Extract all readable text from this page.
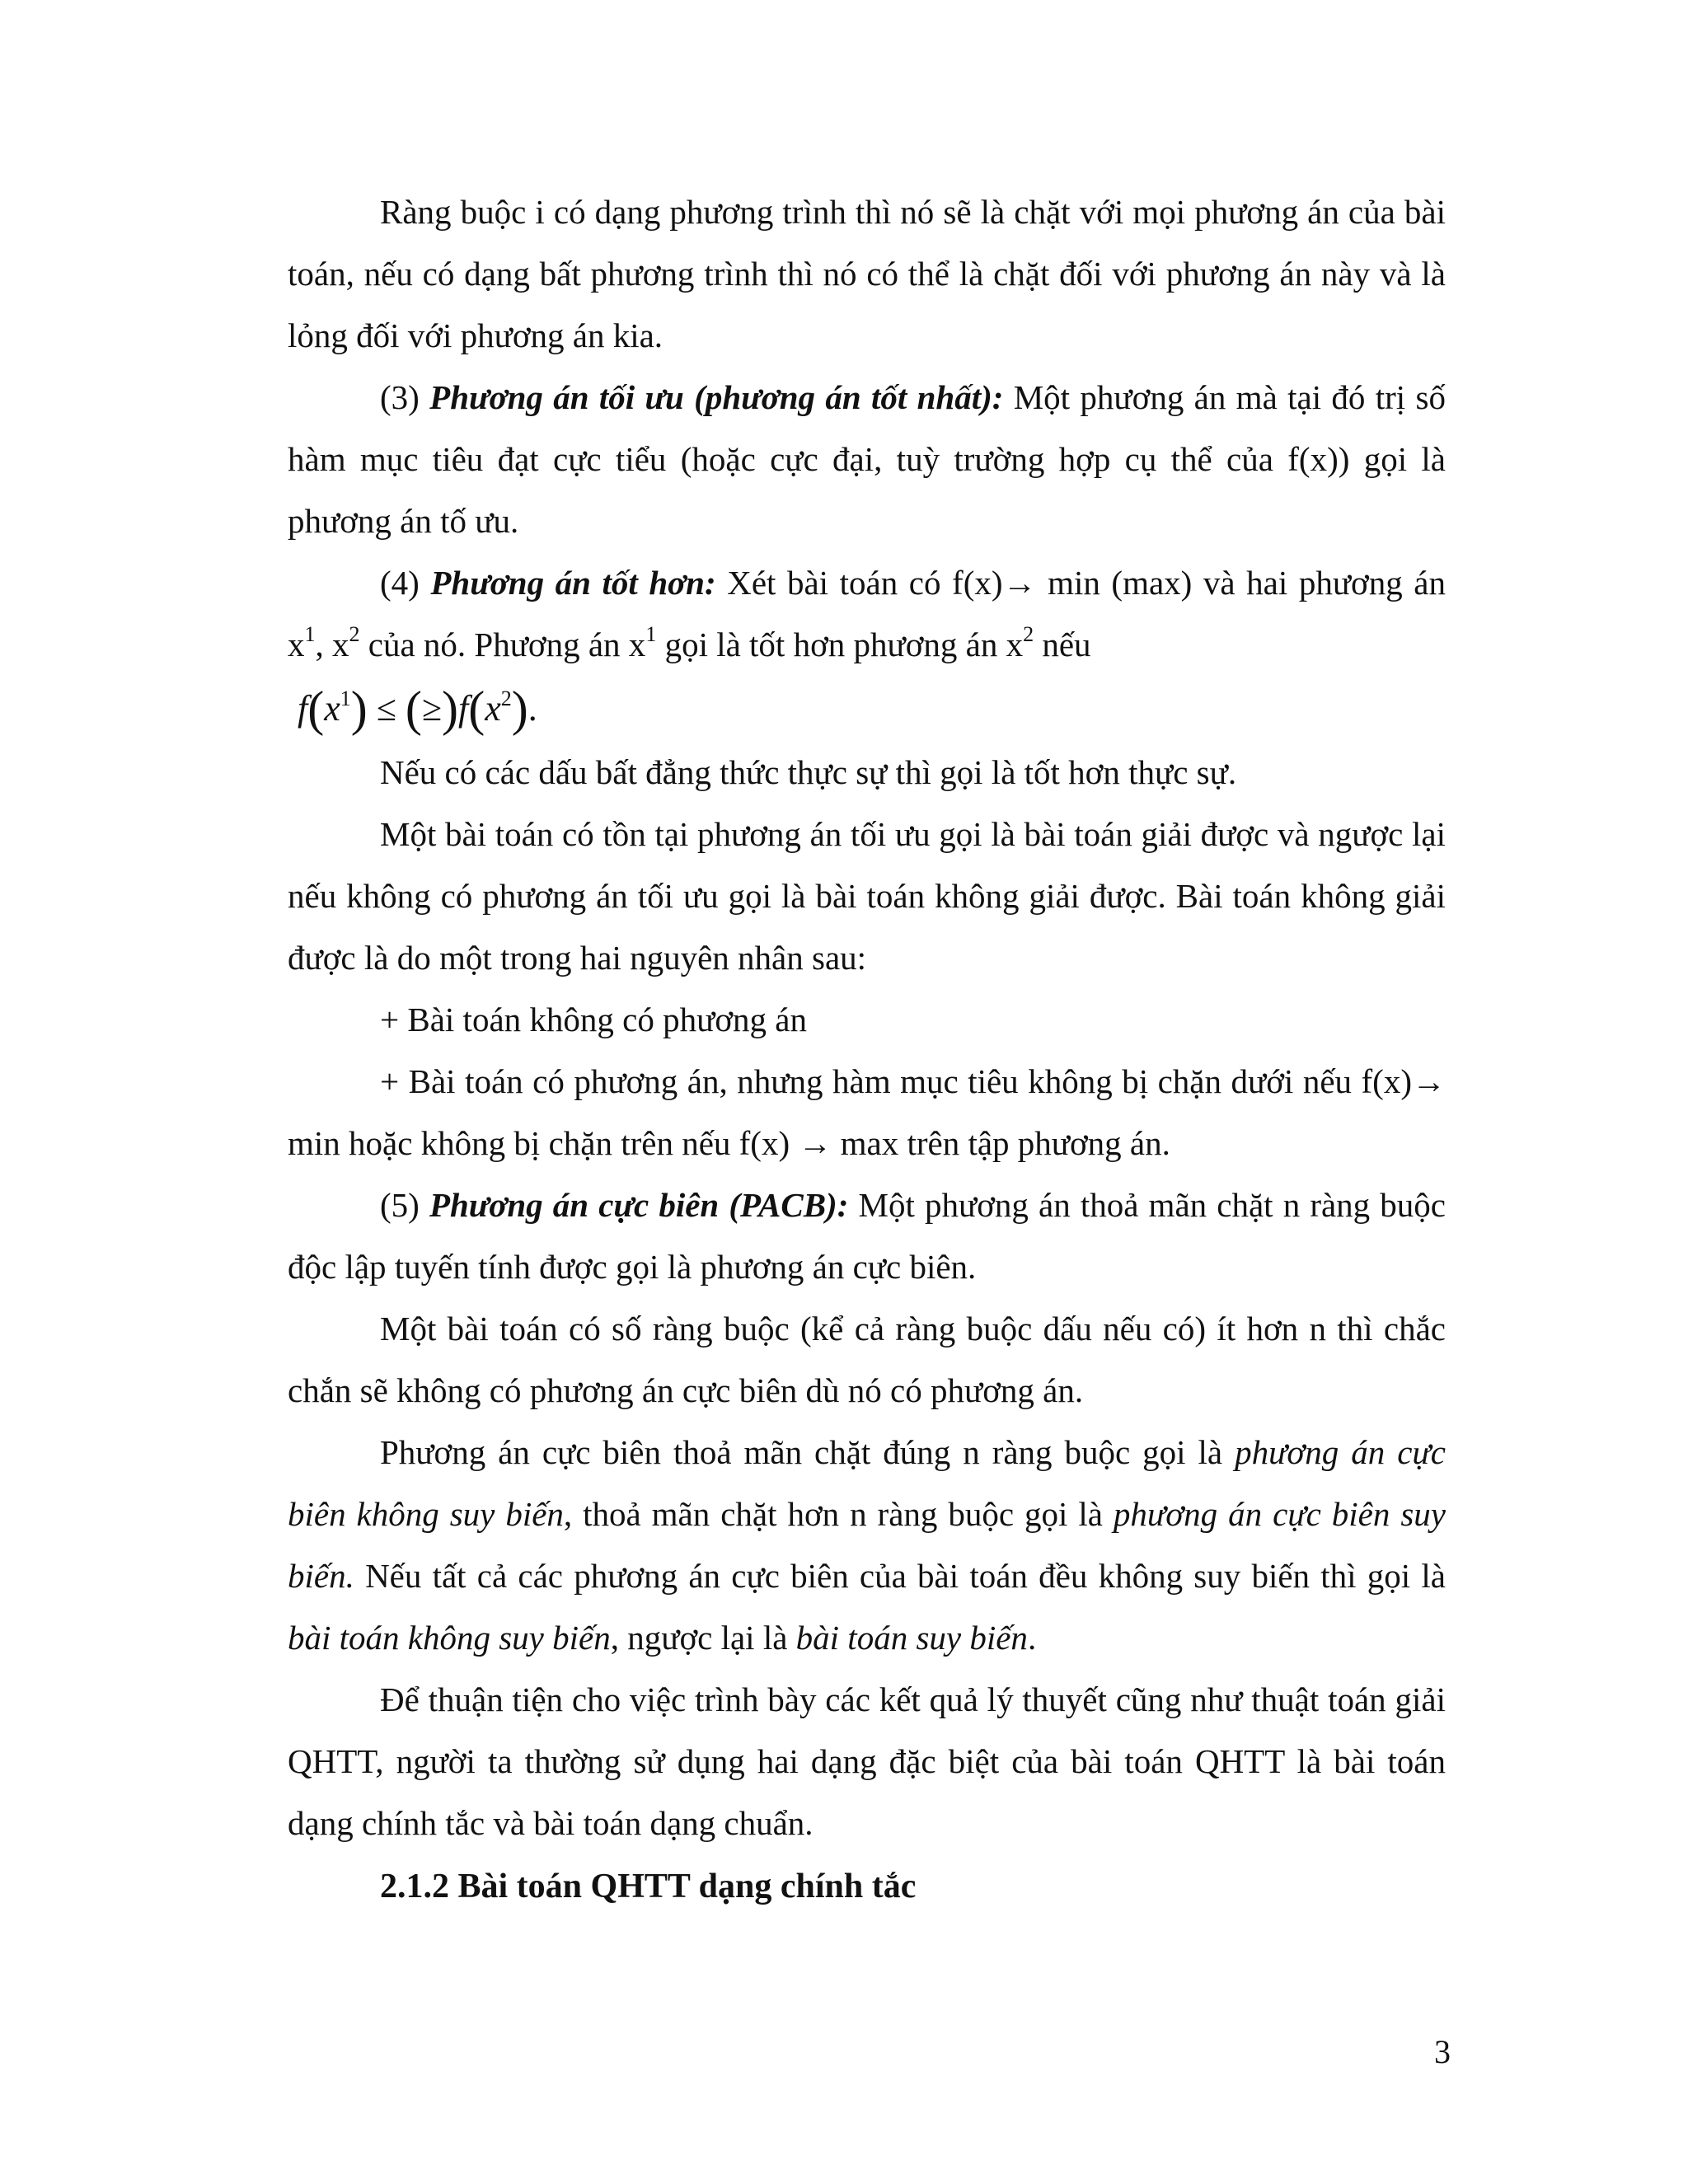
Ràng buộc i có dạng phương trình thì nó sẽ là chặt với mọi phương án của bài toán, nếu có dạng bất phương trình thì nó có thể là chặt đối với phương án này và là lỏng đối với phương án kia.

(3) Phương án tối ưu (phương án tốt nhất): Một phương án mà tại đó trị số hàm mục tiêu đạt cực tiểu (hoặc cực đại, tuỳ trường hợp cụ thể của f(x)) gọi là phương án tố ưu.

(4) Phương án tốt hơn: Xét bài toán có f(x)→ min (max) và hai phương án $x^1$, $x^2$ của nó. Phương án $x^1$ gọi là tốt hơn phương án $x^2$ nếu

$f(x^1) \le (\ge)f(x^2)$.

Nếu có các dấu bất đẳng thức thực sự thì gọi là tốt hơn thực sự.

Một bài toán có tồn tại phương án tối ưu gọi là bài toán giải được và ngược lại nếu không có phương án tối ưu gọi là bài toán không giải được. Bài toán không giải được là do một trong hai nguyên nhân sau:

+ Bài toán không có phương án

+ Bài toán có phương án, nhưng hàm mục tiêu không bị chặn dưới nếu f(x)→ min hoặc không bị chặn trên nếu f(x) → max trên tập phương án.

(5) Phương án cực biên (PACB): Một phương án thoả mãn chặt n ràng buộc độc lập tuyến tính được gọi là phương án cực biên.

Một bài toán có số ràng buộc (kể cả ràng buộc dấu nếu có) ít hơn n thì chắc chắn sẽ không có phương án cực biên dù nó có phương án.

Phương án cực biên thoả mãn chặt đúng n ràng buộc gọi là phương án cực biên không suy biến, thoả mãn chặt hơn n ràng buộc gọi là phương án cực biên suy biến. Nếu tất cả các phương án cực biên của bài toán đều không suy biến thì gọi là bài toán không suy biến, ngược lại là bài toán suy biến.

Để thuận tiện cho việc trình bày các kết quả lý thuyết cũng như thuật toán giải QHTT, người ta thường sử dụng hai dạng đặc biệt của bài toán QHTT là bài toán dạng chính tắc và bài toán dạng chuẩn.

2.1.2 Bài toán QHTT dạng chính tắc

3
